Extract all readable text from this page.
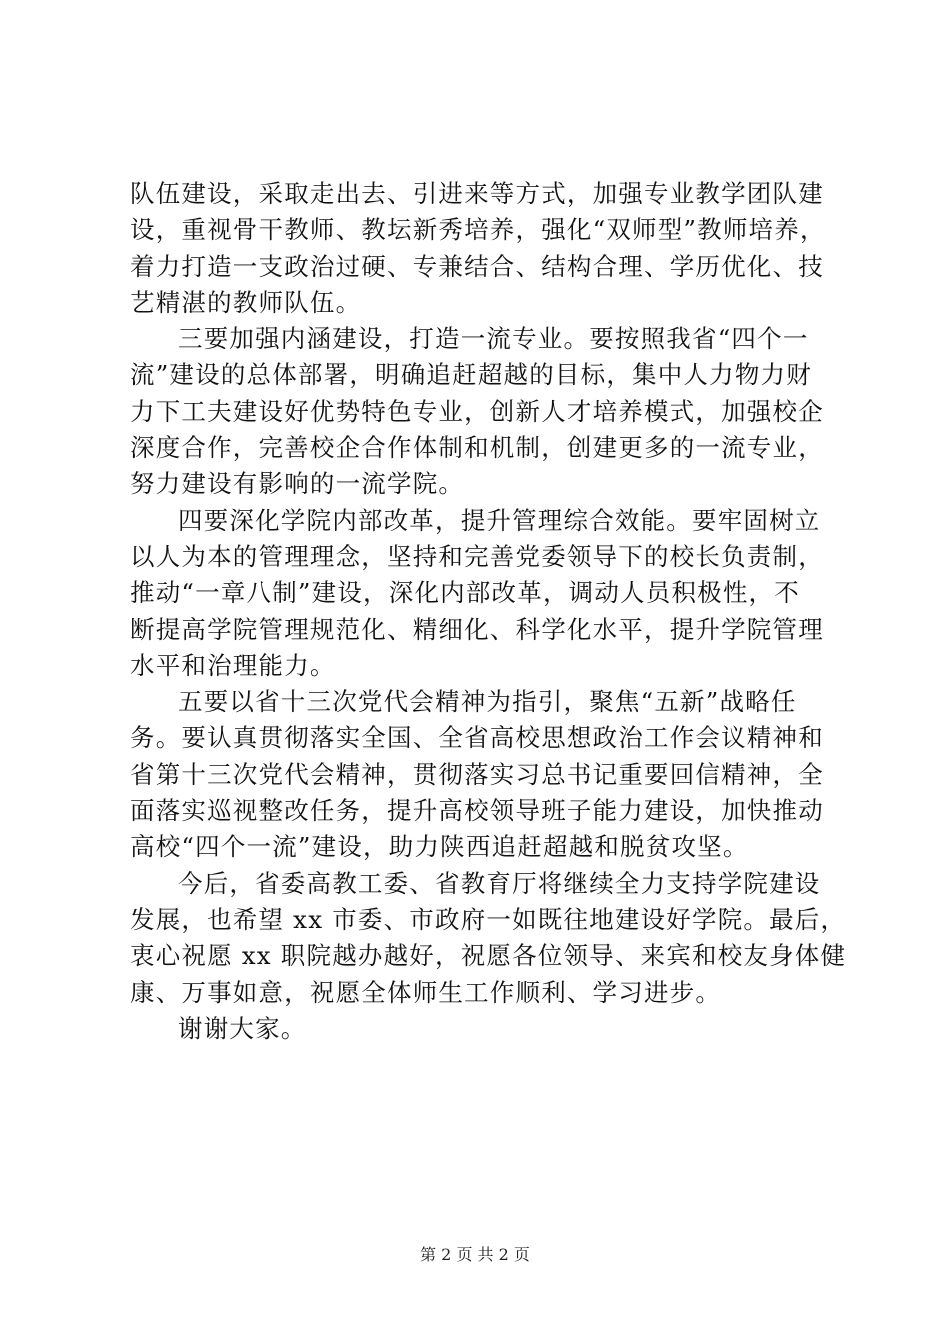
队伍建设，采取走出去、引进来等方式，加强专业教学团队建
设，重视骨干教师、教坛新秀培养，强化“双师型”教师培养，
着力打造一支政治过硬、专兼结合、结构合理、学历优化、技
艺精湛的教师队伍。
三要加强内涵建设，打造一流专业。要按照我省“四个一
流”建设的总体部署，明确追赶超越的目标，集中人力物力财
力下工夫建设好优势特色专业，创新人才培养模式，加强校企
深度合作，完善校企合作体制和机制，创建更多的一流专业，
努力建设有影响的一流学院。
四要深化学院内部改革，提升管理综合效能。要牢固树立
以人为本的管理理念，坚持和完善党委领导下的校长负责制，
推动“一章八制”建设，深化内部改革，调动人员积极性，不
断提高学院管理规范化、精细化、科学化水平，提升学院管理
水平和治理能力。
五要以省十三次党代会精神为指引，聚焦“五新”战略任
务。要认真贯彻落实全国、全省高校思想政治工作会议精神和
省第十三次党代会精神，贯彻落实习总书记重要回信精神，全
面落实巡视整改任务，提升高校领导班子能力建设，加快推动
高校“四个一流”建设，助力陕西追赶超越和脱贫攻坚。
今后，省委高教工委、省教育厅将继续全力支持学院建设
发展，也希望 xx 市委、市政府一如既往地建设好学院。最后，
衷心祝愿 xx 职院越办越好，祝愿各位领导、来宾和校友身体健
康、万事如意，祝愿全体师生工作顺利、学习进步。
谢谢大家。
第 2 页 共 2 页
